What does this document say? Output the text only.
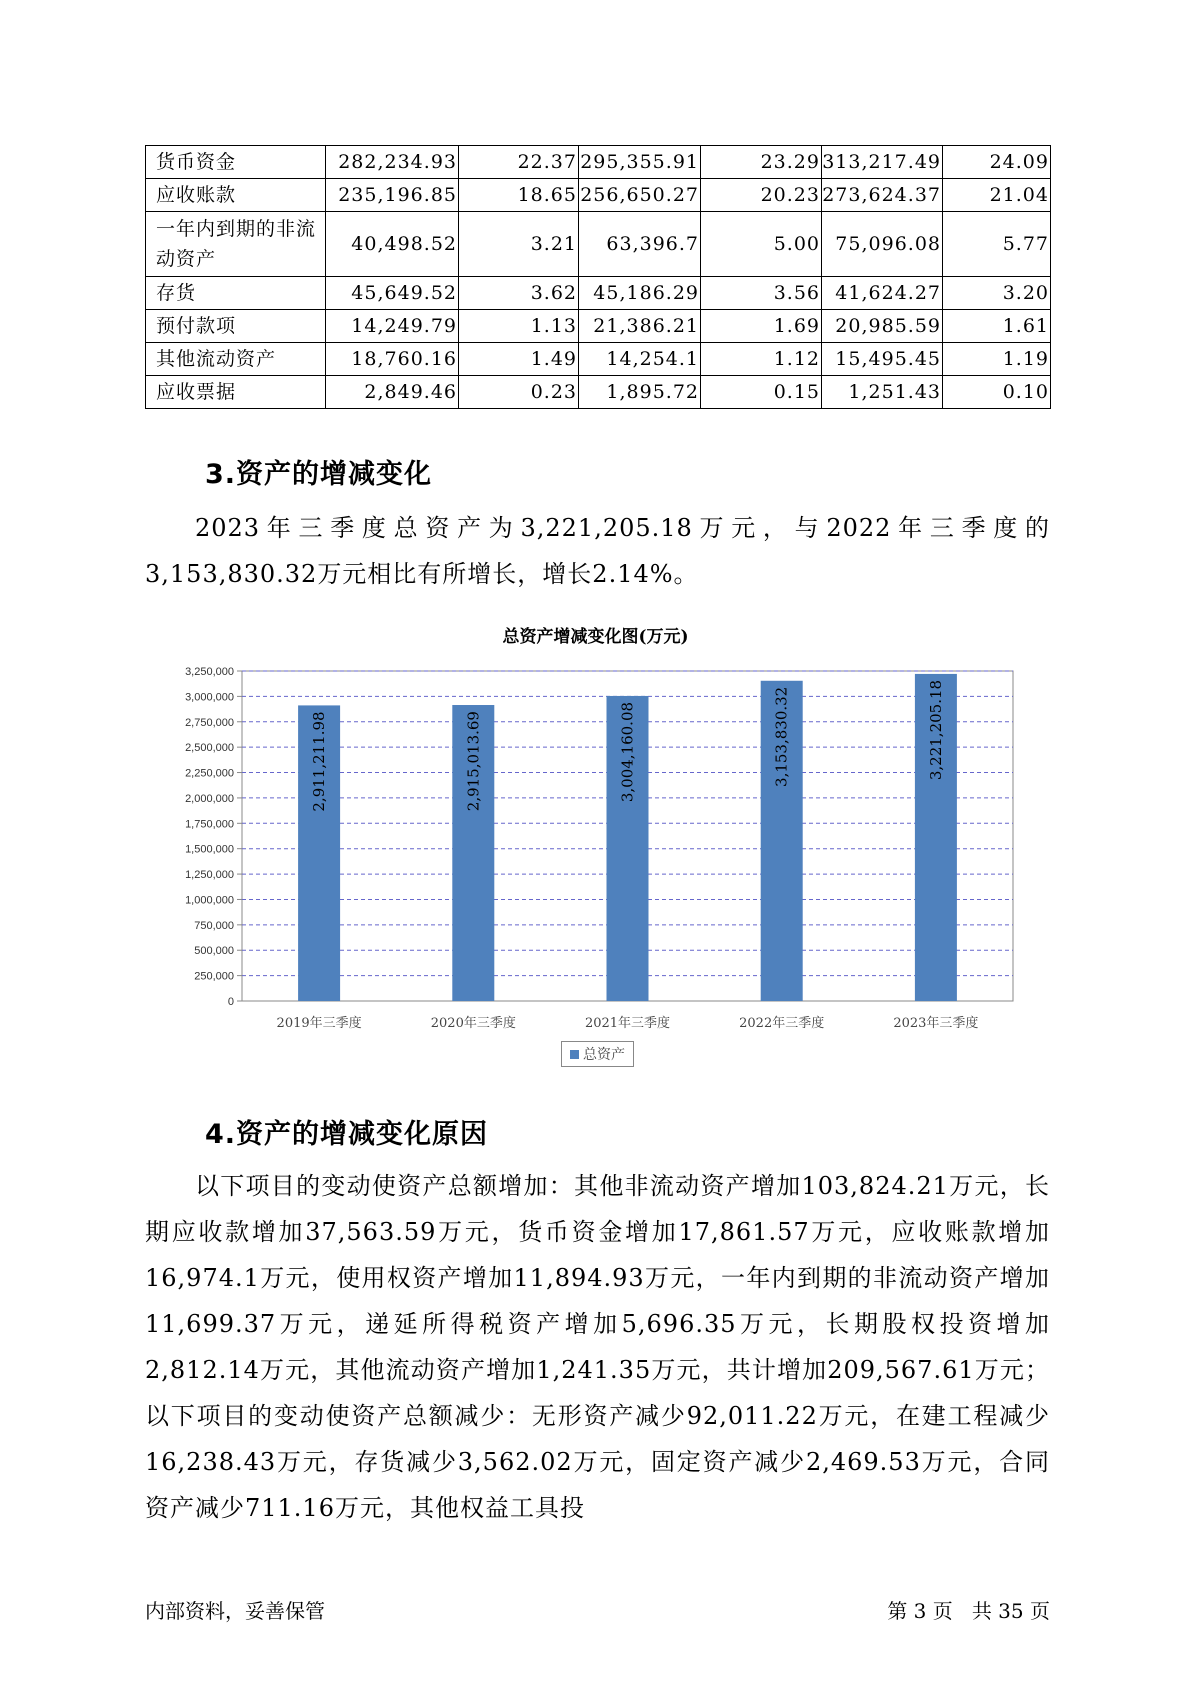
货币资金	282,234.93	22.37	295,355.91	23.29	313,217.49	24.09
应收账款	235,196.85	18.65	256,650.27	20.23	273,624.37	21.04
一年内到期的非流动资产	40,498.52	3.21	63,396.7	5.00	75,096.08	5.77
存货	45,649.52	3.62	45,186.29	3.56	41,624.27	3.20
预付款项	14,249.79	1.13	21,386.21	1.69	20,985.59	1.61
其他流动资产	18,760.16	1.49	14,254.1	1.12	15,495.45	1.19
应收票据	2,849.46	0.23	1,895.72	0.15	1,251.43	0.10
3.资产的增减变化

2023年三季度总资产为3,221,205.18万元，与2022年三季度的3,153,830.32万元相比有所增长，增长2.14%。

总资产增减变化图(万元)
0
250,000
500,000
750,000
1,000,000
1,250,000
1,500,000
1,750,000
2,000,000
2,250,000
2,500,000
2,750,000
3,000,000
3,250,000
2,911,211.98
2019年三季度
2,915,013.69
2020年三季度
3,004,160.08
2021年三季度
3,153,830.32
2022年三季度
3,221,205.18
2023年三季度
总资产
4.资产的增减变化原因

以下项目的变动使资产总额增加：其他非流动资产增加103,824.21万元，长期应收款增加37,563.59万元，货币资金增加17,861.57万元，应收账款增加16,974.1万元，使用权资产增加11,894.93万元，一年内到期的非流动资产增加11,699.37万元，递延所得税资产增加5,696.35万元，长期股权投资增加2,812.14万元，其他流动资产增加1,241.35万元，共计增加209,567.61万元；以下项目的变动使资产总额减少：无形资产减少92,011.22万元，在建工程减少16,238.43万元，存货减少3,562.02万元，固定资产减少2,469.53万元，合同资产减少711.16万元，其他权益工具投

内部资料，妥善保管	第 3 页   共 35 页
